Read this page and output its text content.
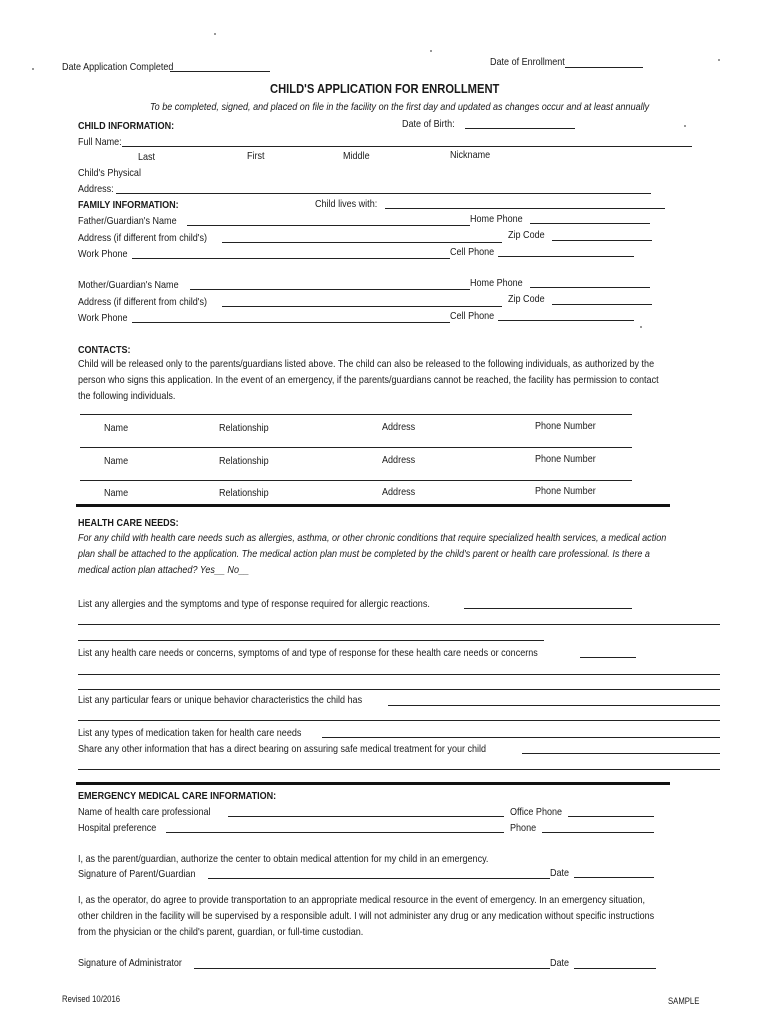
Date Application Completed	Date of Enrollment
CHILD'S APPLICATION FOR ENROLLMENT
To be completed, signed, and placed on file in the facility on the first day and updated as changes occur and at least annually
CHILD INFORMATION:	Date of Birth:
Full Name:
Last	First	Middle	Nickname
Child's Physical
Address:
FAMILY INFORMATION:	Child lives with:
Father/Guardian's Name	Home Phone
Address (if different from child's)	Zip Code
Work Phone	Cell Phone
Mother/Guardian's Name	Home Phone
Address (if different from child's)	Zip Code
Work Phone	Cell Phone
CONTACTS:
Child will be released only to the parents/guardians listed above. The child can also be released to the following individuals, as authorized by the
person who signs this application. In the event of an emergency, if the parents/guardians cannot be reached, the facility has permission to contact
the following individuals.
Name	Relationship	Address	Phone Number
Name	Relationship	Address	Phone Number
Name	Relationship	Address	Phone Number
HEALTH CARE NEEDS:
For any child with health care needs such as allergies, asthma, or other chronic conditions that require specialized health services, a medical action
plan shall be attached to the application. The medical action plan must be completed by the child's parent or health care professional. Is there a
medical action plan attached? Yes__ No__
List any allergies and the symptoms and type of response required for allergic reactions.
List any health care needs or concerns, symptoms of and type of response for these health care needs or concerns
List any particular fears or unique behavior characteristics the child has
List any types of medication taken for health care needs
Share any other information that has a direct bearing on assuring safe medical treatment for your child
EMERGENCY MEDICAL CARE INFORMATION:
Name of health care professional	Office Phone
Hospital preference	Phone
I, as the parent/guardian, authorize the center to obtain medical attention for my child in an emergency.
Signature of Parent/Guardian	Date
I, as the operator, do agree to provide transportation to an appropriate medical resource in the event of emergency. In an emergency situation,
other children in the facility will be supervised by a responsible adult. I will not administer any drug or any medication without specific instructions
from the physician or the child's parent, guardian, or full-time custodian.
Signature of Administrator	Date
Revised 10/2016	SAMPLE
